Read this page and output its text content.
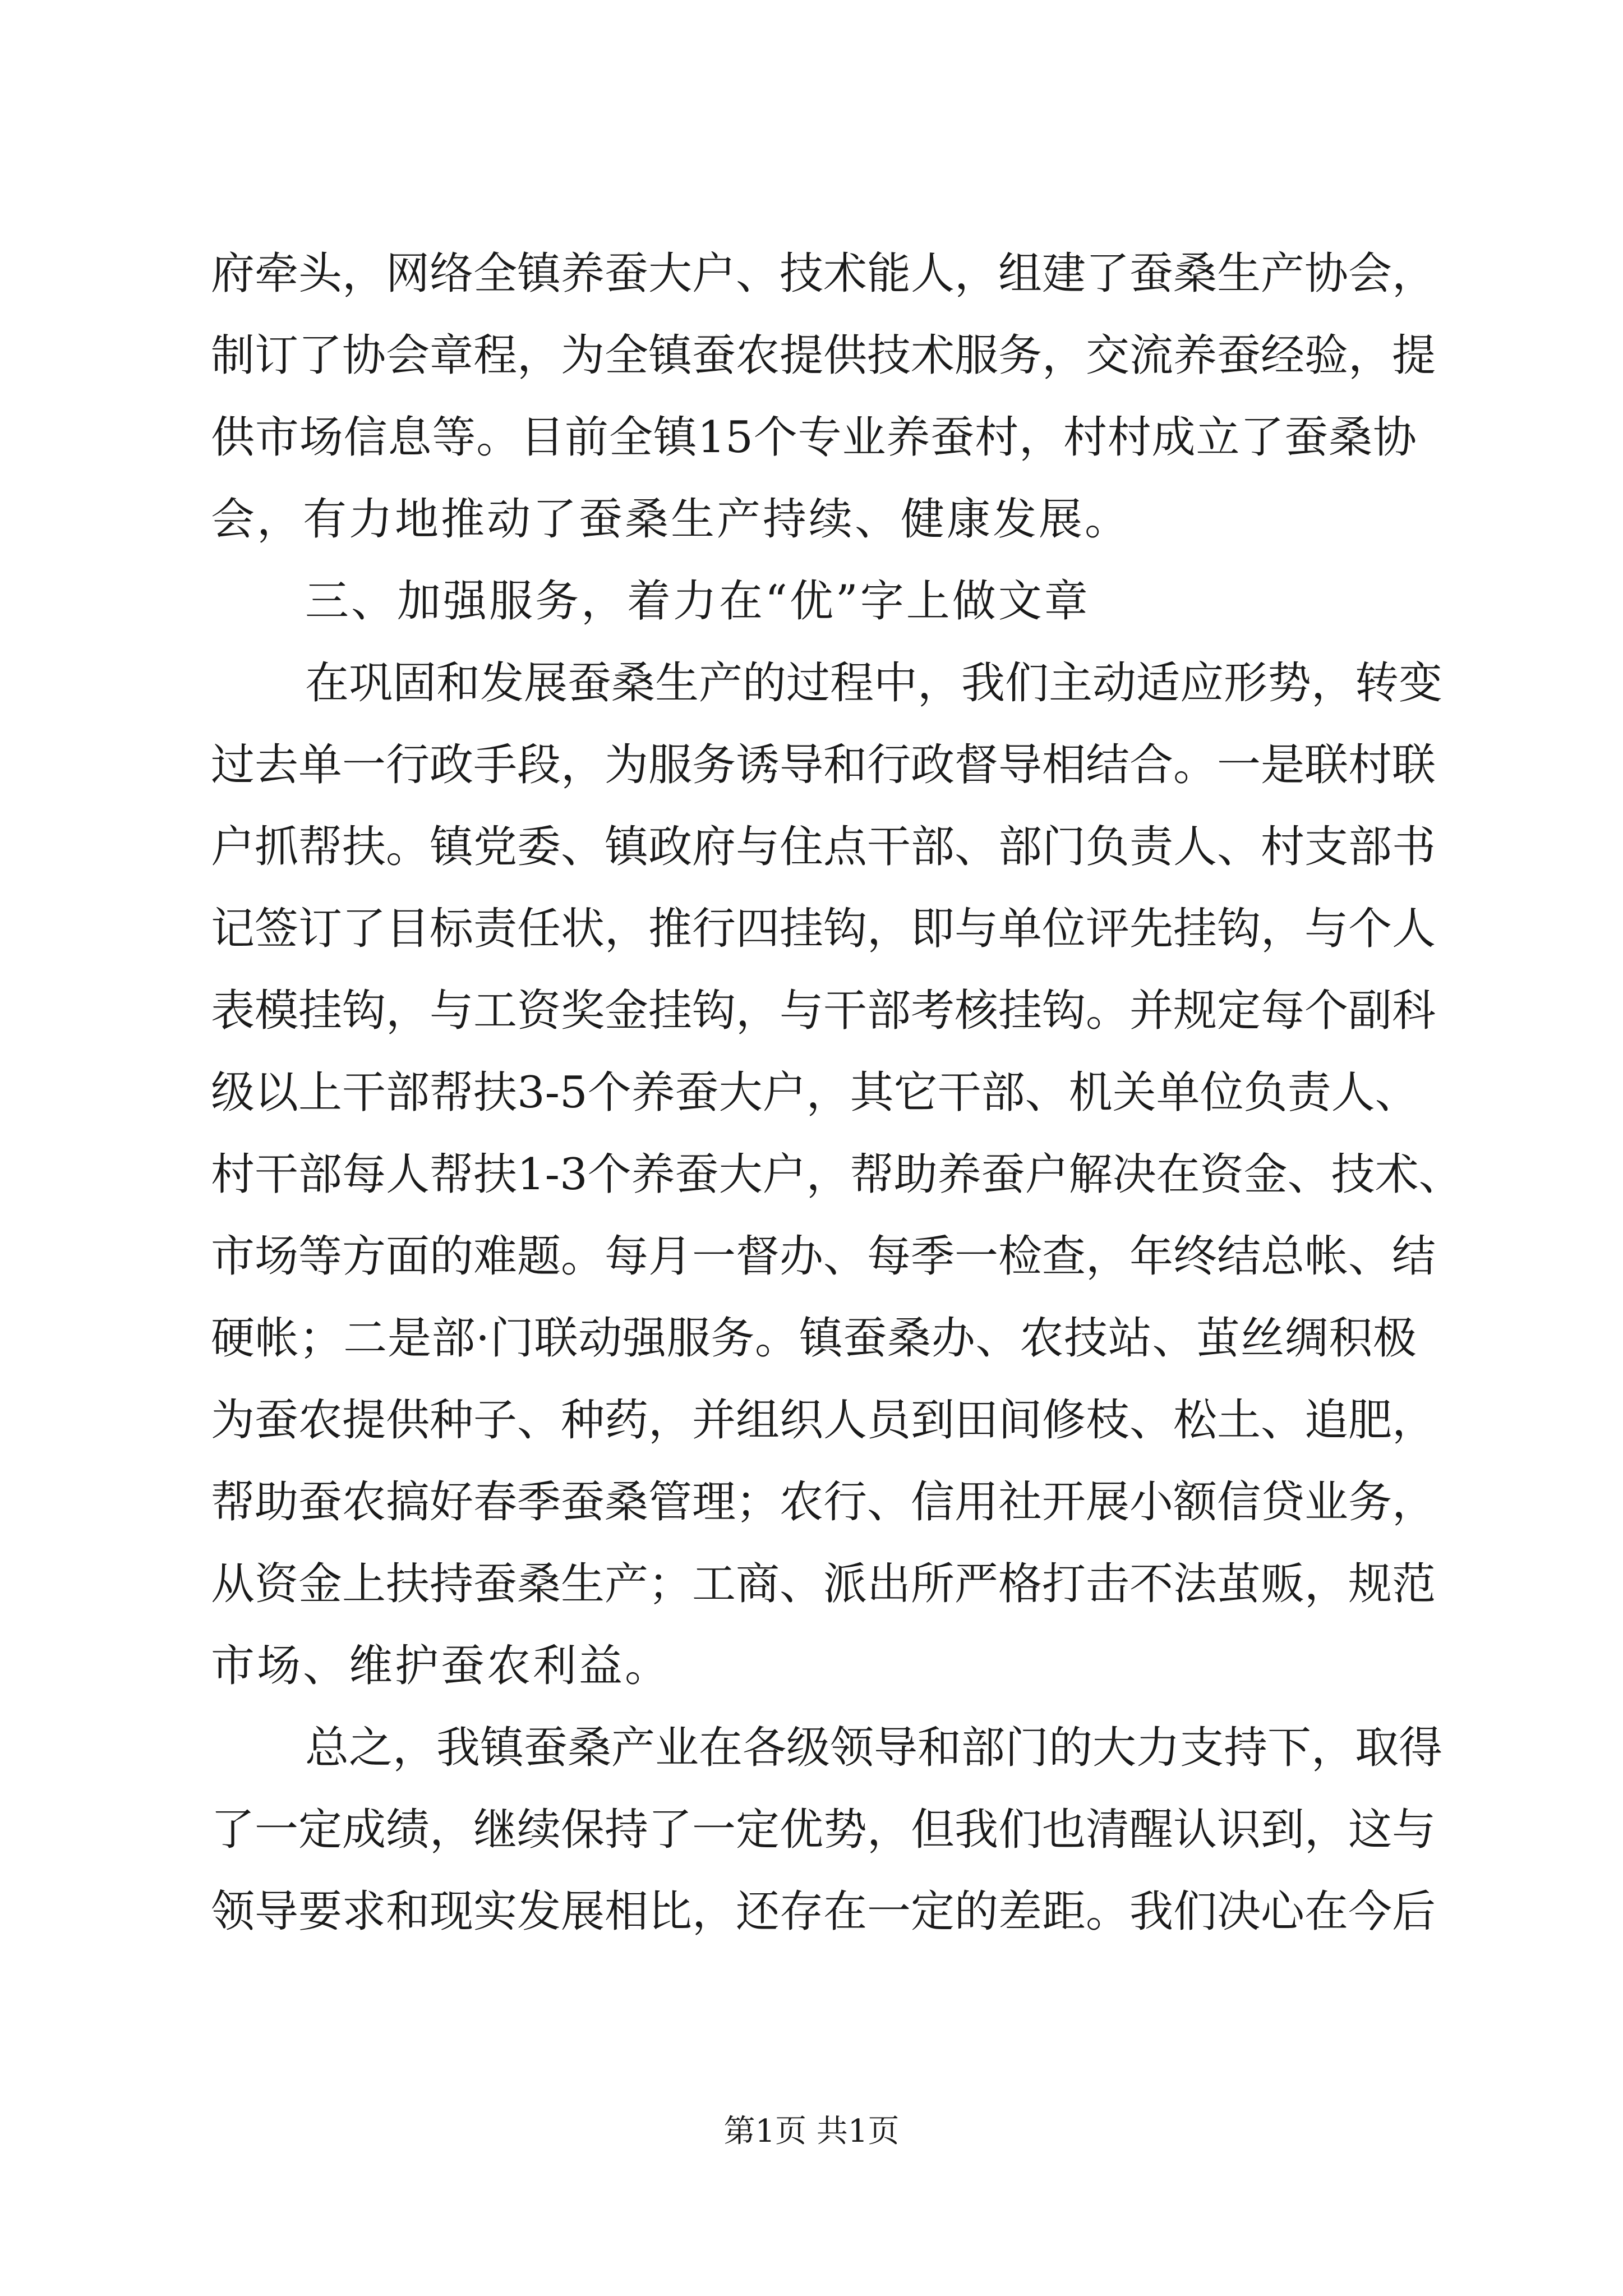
府牵头，网络全镇养蚕大户、技术能人，组建了蚕桑生产协会，
制订了协会章程，为全镇蚕农提供技术服务，交流养蚕经验，提
供市场信息等。目前全镇15个专业养蚕村，村村成立了蚕桑协
会，有力地推动了蚕桑生产持续、健康发展。
三、加强服务，着力在“优”字上做文章
在巩固和发展蚕桑生产的过程中，我们主动适应形势，转变
过去单一行政手段，为服务诱导和行政督导相结合。一是联村联
户抓帮扶。镇党委、镇政府与住点干部、部门负责人、村支部书
记签订了目标责任状，推行四挂钩，即与单位评先挂钩，与个人
表模挂钩，与工资奖金挂钩，与干部考核挂钩。并规定每个副科
级以上干部帮扶3-5个养蚕大户，其它干部、机关单位负责人、
村干部每人帮扶1-3个养蚕大户，帮助养蚕户解决在资金、技术、
市场等方面的难题。每月一督办、每季一检查，年终结总帐、结
硬帐；二是部·门联动强服务。镇蚕桑办、农技站、茧丝绸积极
为蚕农提供种子、种药，并组织人员到田间修枝、松土、追肥，
帮助蚕农搞好春季蚕桑管理；农行、信用社开展小额信贷业务，
从资金上扶持蚕桑生产；工商、派出所严格打击不法茧贩，规范
市场、维护蚕农利益。
总之，我镇蚕桑产业在各级领导和部门的大力支持下，取得
了一定成绩，继续保持了一定优势，但我们也清醒认识到，这与
领导要求和现实发展相比，还存在一定的差距。我们决心在今后
第1页 共1页
